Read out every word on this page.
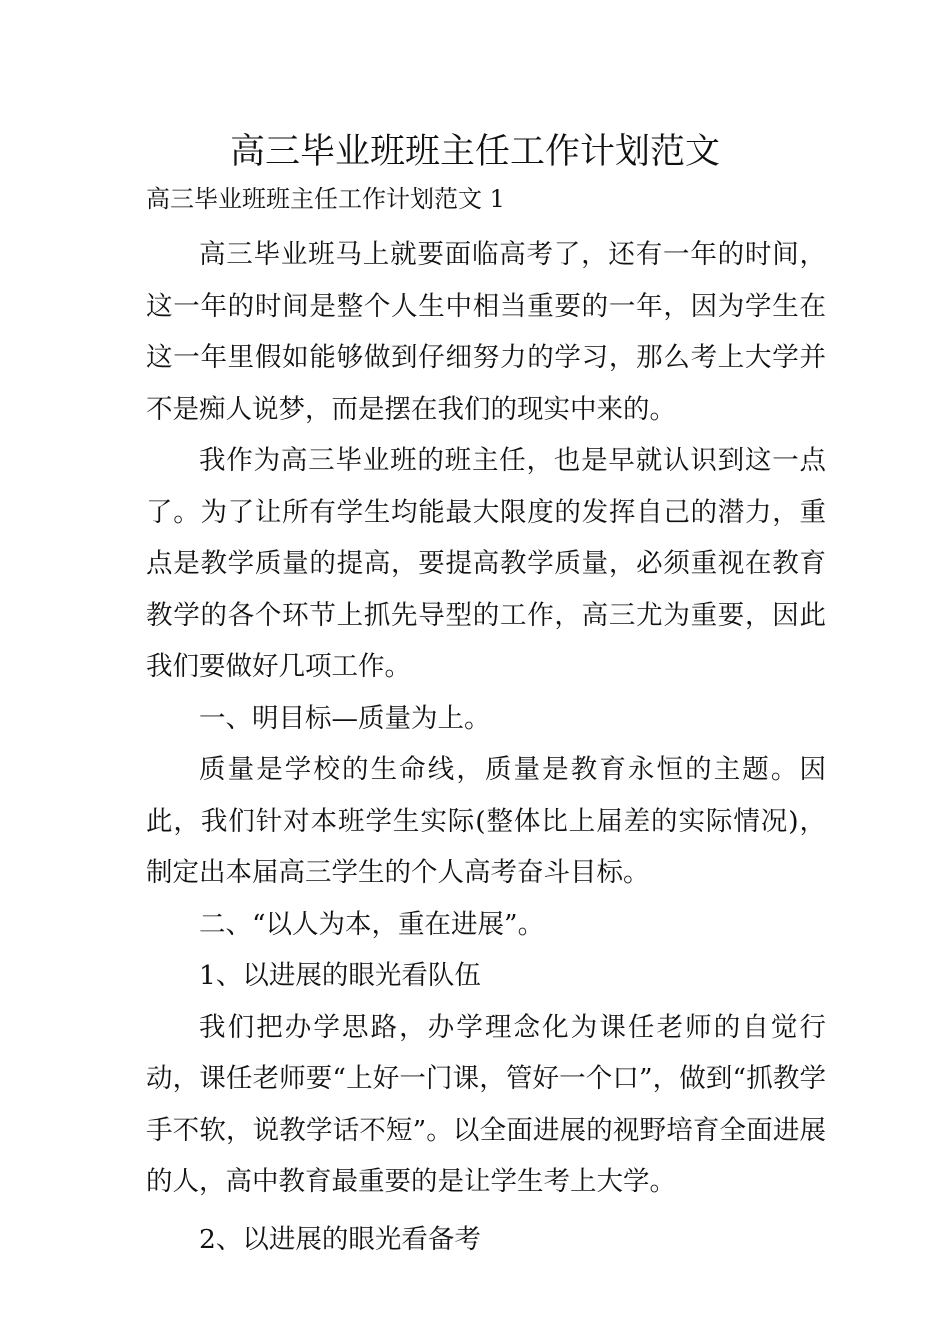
高三毕业班班主任工作计划范文
高三毕业班班主任工作计划范文 1

高三毕业班马上就要面临高考了，还有一年的时间，这一年的时间是整个人生中相当重要的一年，因为学生在这一年里假如能够做到仔细努力的学习，那么考上大学并不是痴人说梦，而是摆在我们的现实中来的。

我作为高三毕业班的班主任，也是早就认识到这一点了。为了让所有学生均能最大限度的发挥自己的潜力，重点是教学质量的提高，要提高教学质量，必须重视在教育教学的各个环节上抓先导型的工作，高三尤为重要，因此我们要做好几项工作。

一、明目标—质量为上。

质量是学校的生命线，质量是教育永恒的主题。因此，我们针对本班学生实际(整体比上届差的实际情况)，制定出本届高三学生的个人高考奋斗目标。

二、“以人为本，重在进展”。

1、以进展的眼光看队伍

我们把办学思路，办学理念化为课任老师的自觉行动，课任老师要“上好一门课，管好一个口”，做到“抓教学手不软，说教学话不短”。以全面进展的视野培育全面进展的人，高中教育最重要的是让学生考上大学。

2、以进展的眼光看备考
